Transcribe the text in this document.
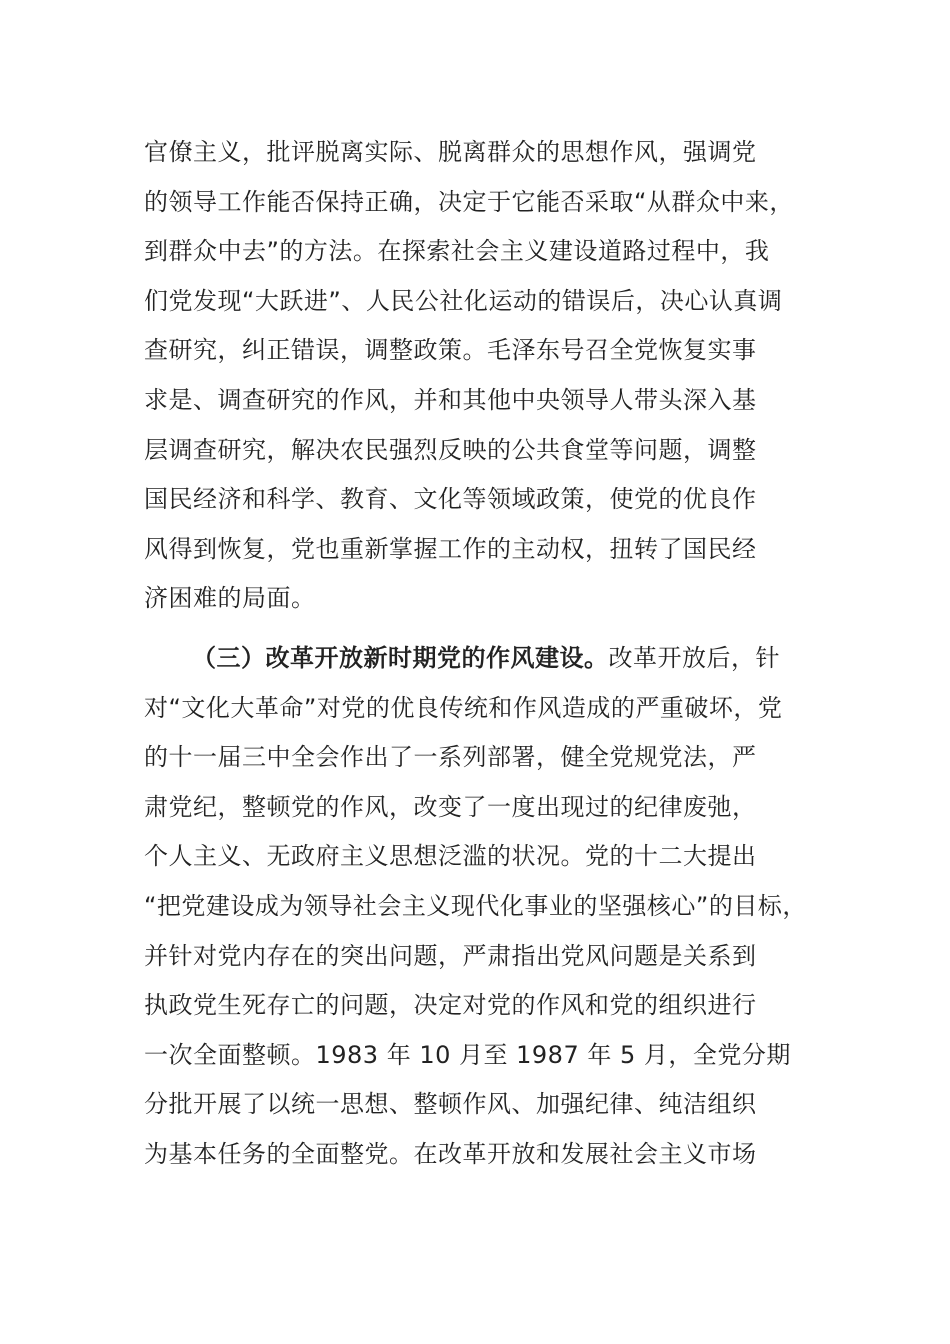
官僚主义，批评脱离实际、脱离群众的思想作风，强调党
的领导工作能否保持正确，决定于它能否采取“从群众中来，
到群众中去”的方法。在探索社会主义建设道路过程中，我
们党发现“大跃进”、人民公社化运动的错误后，决心认真调
查研究，纠正错误，调整政策。毛泽东号召全党恢复实事
求是、调查研究的作风，并和其他中央领导人带头深入基
层调查研究，解决农民强烈反映的公共食堂等问题，调整
国民经济和科学、教育、文化等领域政策，使党的优良作
风得到恢复，党也重新掌握工作的主动权，扭转了国民经
济困难的局面。
（三）改革开放新时期党的作风建设。改革开放后，针
对“文化大革命”对党的优良传统和作风造成的严重破坏，党
的十一届三中全会作出了一系列部署，健全党规党法，严
肃党纪，整顿党的作风，改变了一度出现过的纪律废弛，
个人主义、无政府主义思想泛滥的状况。党的十二大提出
“把党建设成为领导社会主义现代化事业的坚强核心”的目标，
并针对党内存在的突出问题，严肃指出党风问题是关系到
执政党生死存亡的问题，决定对党的作风和党的组织进行
一次全面整顿。1983 年 10 月至 1987 年 5 月，全党分期
分批开展了以统一思想、整顿作风、加强纪律、纯洁组织
为基本任务的全面整党。在改革开放和发展社会主义市场
